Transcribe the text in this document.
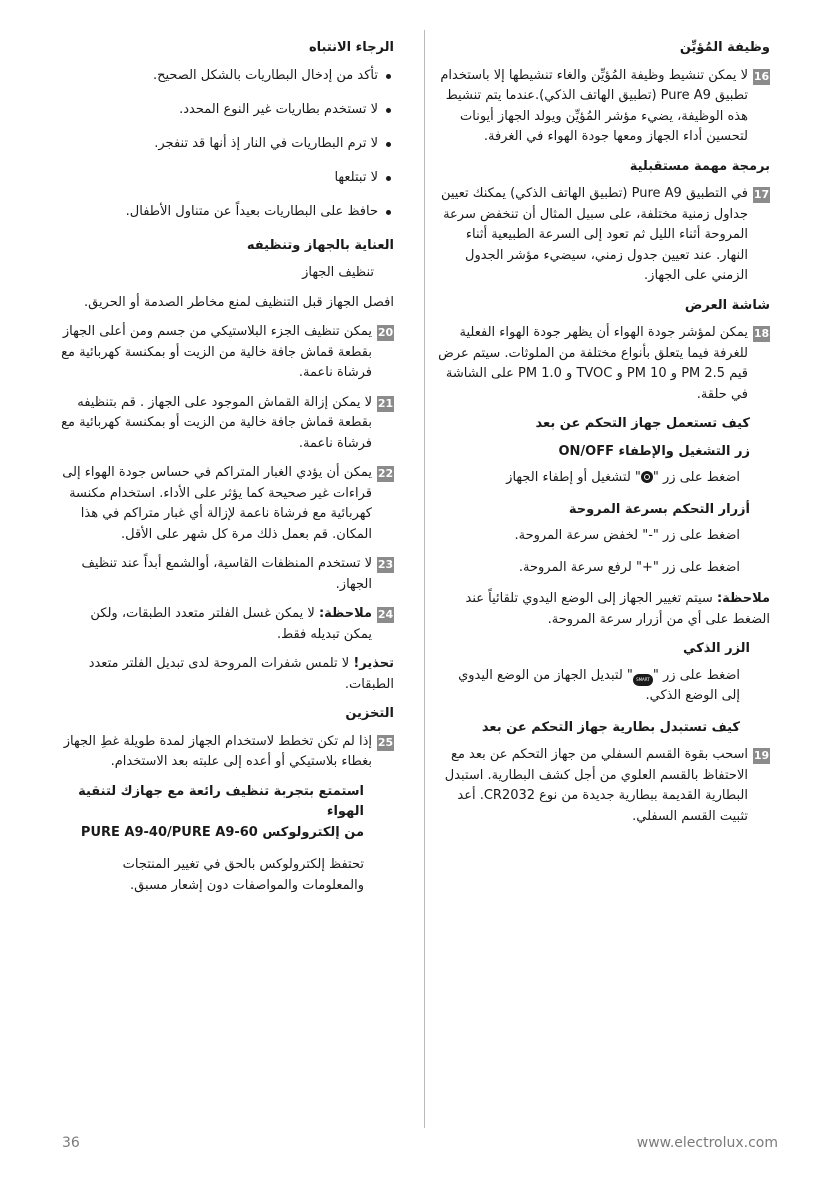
وظيفة المُؤيِّن
16
لا يمكن تنشيط وظيفة المُؤيِّن والغاء تنشيطها إلا باستخدام تطبيق Pure A9 (تطبيق الهاتف الذكي).عندما يتم تنشيط هذه الوظيفة، يضيء مؤشر المُؤيِّن ويولد الجهاز أيونات لتحسين أداء الجهاز ومعها جودة الهواء في الغرفة.
برمجة مهمة مستقبلية
17
في التطبيق Pure A9 (تطبيق الهاتف الذكي) يمكنك تعيين جداول زمنية مختلفة، على سبيل المثال أن تنخفض سرعة المروحة أثناء الليل ثم تعود إلى السرعة الطبيعية أثناء النهار. عند تعيين جدول زمني، سيضيء مؤشر الجدول الزمني على الجهاز.
شاشة العرض
18
يمكن لمؤشر جودة الهواء أن يظهر جودة الهواء الفعلية للغرفة فيما يتعلق بأنواع مختلفة من الملوثات. سيتم عرض قيم PM 2.5 و PM 10 و TVOC و PM 1.0 على الشاشة في حلقة.
كيف تستعمل جهاز التحكم عن بعد
زر التشغيل والإطفاء ON/OFF
اضغط على زر "" لتشغيل أو إطفاء الجهاز
أزرار التحكم بسرعة المروحة
اضغط على زر "-" لخفض سرعة المروحة.
اضغط على زر "+" لرفع سرعة المروحة.
ملاحظة: سيتم تغيير الجهاز إلى الوضع اليدوي تلقائياً عند الضغط على أي من أزرار سرعة المروحة.
الزر الذكي
اضغط على زر "SMART" لتبديل الجهاز من الوضع اليدوي إلى الوضع الذكي.
كيف تستبدل بطارية جهاز التحكم عن بعد
19
اسحب بقوة القسم السفلي من جهاز التحكم عن بعد مع الاحتفاظ بالقسم العلوي من أجل كشف البطارية. استبدل البطارية القديمة ببطارية جديدة من نوع CR2032. أعد تثبيت القسم السفلي.
الرجاء الانتباه
تأكد من إدخال البطاريات بالشكل الصحيح.
لا تستخدم بطاريات غير النوع المحدد.
لا ترم البطاريات في النار إذ أنها قد تنفجر.
لا تبتلعها
حافظ على البطاريات بعيداً عن متناول الأطفال.
العناية بالجهاز وتنظيفه
تنظيف الجهاز
افصل الجهاز قبل التنظيف لمنع مخاطر الصدمة أو الحريق.
20
يمكن تنظيف الجزء البلاستيكي من جسم ومن أعلى الجهاز بقطعة قماش جافة خالية من الزيت أو بمكنسة كهربائية مع فرشاة ناعمة.
21
لا يمكن إزالة القماش الموجود على الجهاز . قم بتنظيفه بقطعة قماش جافة خالية من الزيت أو بمكنسة كهربائية مع فرشاة ناعمة.
22
يمكن أن يؤدي الغبار المتراكم في حساس جودة الهواء إلى قراءات غير صحيحة كما يؤثر على الأداء. استخدام مكنسة كهربائية مع فرشاة ناعمة لإزالة أي غبار متراكم في هذا المكان. قم بعمل ذلك مرة كل شهر على الأقل.
23
لا تستخدم المنظفات القاسية، أوالشمع أبداً عند تنظيف الجهاز.
24
ملاحظة: لا يمكن غسل الفلتر متعدد الطبقات، ولكن يمكن تبديله فقط.
تحذير! لا تلمس شفرات المروحة لدى تبديل الفلتر متعدد الطبقات.
التخزين
25
إذا لم تكن تخطط لاستخدام الجهاز لمدة طويلة غطِ الجهاز بغطاء بلاستيكي أو أعده إلى علبته بعد الاستخدام.
استمتع بتجربة تنظيف رائعة مع جهازك لتنقية الهواء
من إلكترولوكس PURE A9-40/PURE A9-60
تحتفظ إلكترولوكس بالحق في تغيير المنتجات والمعلومات والمواصفات دون إشعار مسبق.
36	www.electrolux.com
